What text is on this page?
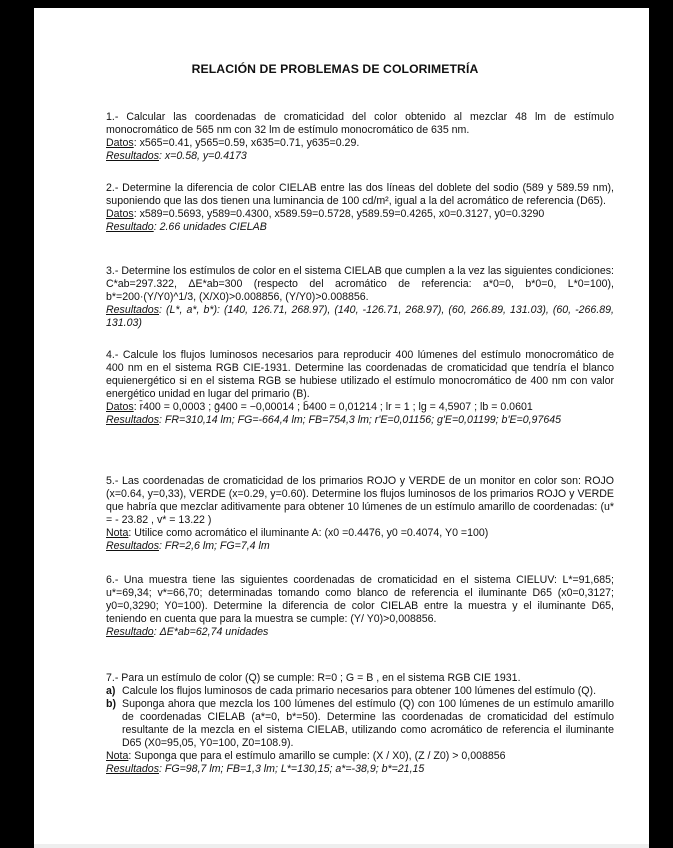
RELACIÓN DE PROBLEMAS DE COLORIMETRÍA

1.- Calcular las coordenadas de cromaticidad del color obtenido al mezclar 48 lm de estímulo monocromático de 565 nm con 32 lm de estímulo monocromático de 635 nm.

Datos: x565=0.41, y565=0.59, x635=0.71, y635=0.29.

Resultados: x=0.58, y=0.4173

2.- Determine la diferencia de color CIELAB entre las dos líneas del doblete del sodio (589 y 589.59 nm), suponiendo que las dos tienen una luminancia de 100 cd/m², igual a la del acromático de referencia (D65).

Datos: x589=0.5693, y589=0.4300, x589.59=0.5728, y589.59=0.4265, x0=0.3127, y0=0.3290

Resultado: 2.66 unidades CIELAB

3.- Determine los estímulos de color en el sistema CIELAB que cumplen a la vez las siguientes condiciones: C*ab=297.322, ΔE*ab=300 (respecto del acromático de referencia: a*0=0, b*0=0, L*0=100), b*=200·(Y/Y0)^1/3, (X/X0)>0.008856, (Y/Y0)>0.008856.

Resultados: (L*, a*, b*): (140, 126.71, 268.97), (140, -126.71, 268.97), (60, 266.89, 131.03), (60, -266.89, 131.03)

4.- Calcule los flujos luminosos necesarios para reproducir 400 lúmenes del estímulo monocromático de 400 nm en el sistema RGB CIE-1931. Determine las coordenadas de cromaticidad que tendría el blanco equienergético si en el sistema RGB se hubiese utilizado el estímulo monocromático de 400 nm con valor energético unidad en lugar del primario (B).

Datos: r̄400 = 0,0003 ; ḡ400 = −0,00014 ; b̄400 = 0,01214 ; lr = 1 ; lg = 4,5907 ; lb = 0.0601

Resultados: FR=310,14 lm; FG=-664,4 lm; FB=754,3 lm; r'E=0,01156; g'E=0,01199; b'E=0,97645

5.- Las coordenadas de cromaticidad de los primarios ROJO y VERDE de un monitor en color son: ROJO (x=0.64, y=0,33), VERDE (x=0.29, y=0.60). Determine los flujos luminosos de los primarios ROJO y VERDE que habría que mezclar aditivamente para obtener 10 lúmenes de un estímulo amarillo de coordenadas: (u* = - 23.82 , v* = 13.22 )

Nota: Utilice como acromático el iluminante A: (x0 =0.4476, y0 =0.4074, Y0 =100)

Resultados: FR=2,6 lm; FG=7,4 lm

6.- Una muestra tiene las siguientes coordenadas de cromaticidad en el sistema CIELUV: L*=91,685; u*=69,34; v*=66,70; determinadas tomando como blanco de referencia el iluminante D65 (x0=0,3127; y0=0,3290; Y0=100). Determine la diferencia de color CIELAB entre la muestra y el iluminante D65, teniendo en cuenta que para la muestra se cumple: (Y/ Y0)>0,008856.

Resultado: ΔE*ab=62,74 unidades

7.- Para un estímulo de color (Q) se cumple: R=0 ; G = B , en el sistema RGB CIE 1931.

a) Calcule los flujos luminosos de cada primario necesarios para obtener 100 lúmenes del estímulo (Q).
b) Suponga ahora que mezcla los 100 lúmenes del estímulo (Q) con 100 lúmenes de un estímulo amarillo de coordenadas CIELAB (a*=0, b*=50). Determine las coordenadas de cromaticidad del estímulo resultante de la mezcla en el sistema CIELAB, utilizando como acromático de referencia el iluminante D65 (X0=95,05, Y0=100, Z0=108.9).

Nota: Suponga que para el estímulo amarillo se cumple: (X / X0), (Z / Z0) > 0,008856

Resultados: FG=98,7 lm; FB=1,3 lm; L*=130,15; a*=-38,9; b*=21,15
